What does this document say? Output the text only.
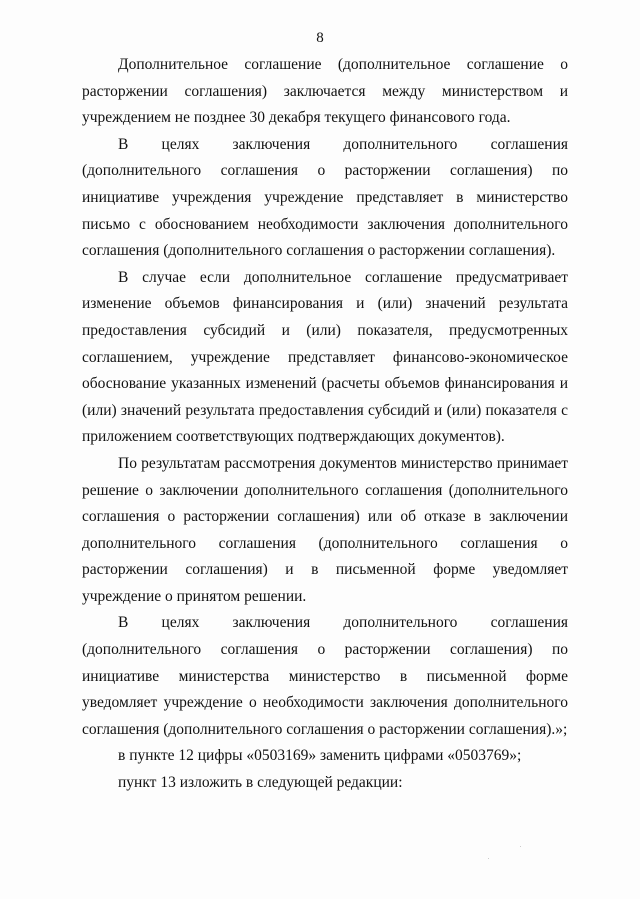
8

Дополнительное соглашение (дополнительное соглашение о расторжении соглашения) заключается между министерством и учреждением не позднее 30 декабря текущего финансового года.

В целях заключения дополнительного соглашения (дополнительного соглашения о расторжении соглашения) по инициативе учреждения учреждение представляет в министерство письмо с обоснованием необходимости заключения дополнительного соглашения (дополнительного соглашения о расторжении соглашения).

В случае если дополнительное соглашение предусматривает изменение объемов финансирования и (или) значений результата предоставления субсидий и (или) показателя, предусмотренных соглашением, учреждение представляет финансово-экономическое обоснование указанных изменений (расчеты объемов финансирования и (или) значений результата предоставления субсидий и (или) показателя с приложением соответствующих подтверждающих документов).

По результатам рассмотрения документов министерство принимает решение о заключении дополнительного соглашения (дополнительного соглашения о расторжении соглашения) или об отказе в заключении дополнительного соглашения (дополнительного соглашения о расторжении соглашения) и в письменной форме уведомляет учреждение о принятом решении.

В целях заключения дополнительного соглашения (дополнительного соглашения о расторжении соглашения) по инициативе министерства министерство в письменной форме уведомляет учреждение о необходимости заключения дополнительного соглашения (дополнительного соглашения о расторжении соглашения).»;

в пункте 12 цифры «0503169» заменить цифрами «0503769»;

пункт 13 изложить в следующей редакции:
